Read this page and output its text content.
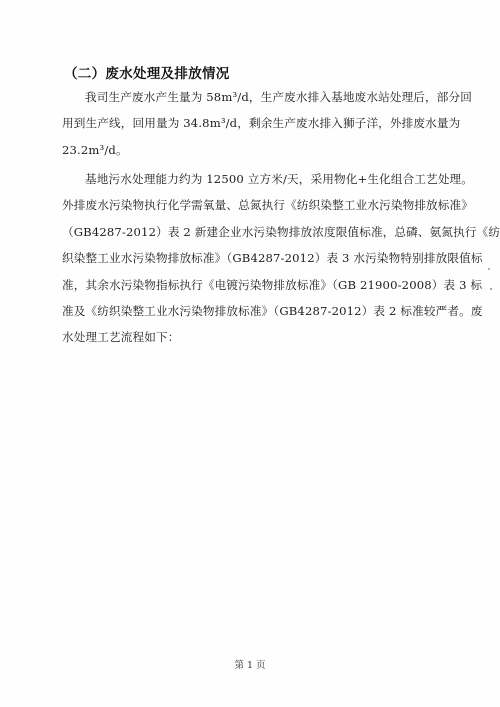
（二）废水处理及排放情况
我司生产废水产生量为 58m³/d，生产废水排入基地废水站处理后，部分回
用到生产线，回用量为 34.8m³/d，剩余生产废水排入狮子洋，外排废水量为
23.2m³/d。
基地污水处理能力约为 12500 立方米/天，采用物化+生化组合工艺处理。
外排废水污染物执行化学需氧量、总氮执行《纺织染整工业水污染物排放标准》
（GB4287-2012）表 2 新建企业水污染物排放浓度限值标准，总磷、氨氮执行《纺
织染整工业水污染物排放标准》（GB4287-2012）表 3 水污染物特别排放限值标
准，其余水污染物指标执行《电镀污染物排放标准》（GB 21900-2008）表 3 标
准及《纺织染整工业水污染物排放标准》（GB4287-2012）表 2 标准较严者。废
水处理工艺流程如下：
第 1 页
